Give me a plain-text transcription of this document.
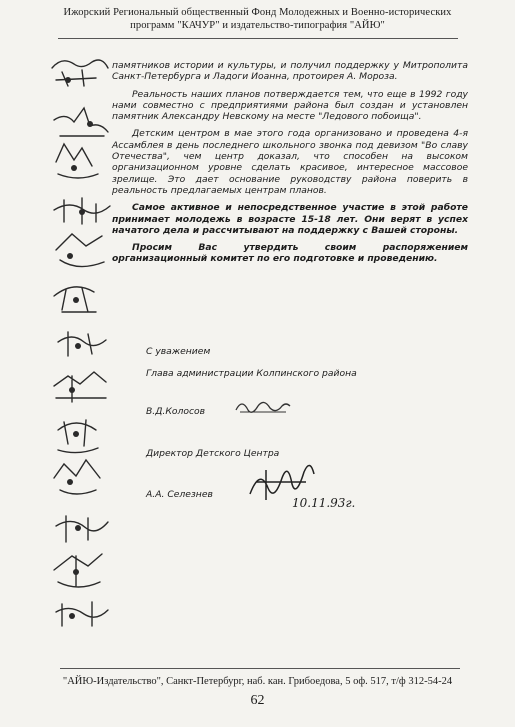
Ижорский Региональный общественный Фонд Молодежных и Военно-исторических
программ "КАЧУР" и издательство-типография "АЙЮ"

памятников истории и культуры, и получил поддержку у Митрополита Санкт-Петербурга и Ладоги Иоанна, протоирея А. Мороза.

Реальность наших планов потверждается тем, что еще в 1992 году нами совместно с предприятиями района был создан и установлен памятник Александру Невскому на месте "Ледового побоища".

Детским центром в мае этого года организовано и проведена 4-я Ассамблея в день последнего школьного звонка под девизом "Во славу Отечества", чем центр доказал, что способен на высоком организационном уровне сделать красивое, интересное массовое зрелище. Это дает основание руководству района поверить в реальность предлагаемых центрам планов.

Самое активное и непосредственное участие в этой работе принимает молодежь в возрасте 15-18 лет. Они верят в успех начатого дела и рассчитывают на поддержку с Вашей стороны.

Просим Вас утвердить своим распоряжением организационный комитет по его подготовке и проведению.

С уважением
Глава администрации Колпинского района
В.Д.Колосов
Директор Детского Центра
А.А. Селезнев
10.11.93г.
"АЙЮ-Издательство", Санкт-Петербург, наб. кан. Грибоедова, 5 оф. 517, т/ф 312-54-24
62
